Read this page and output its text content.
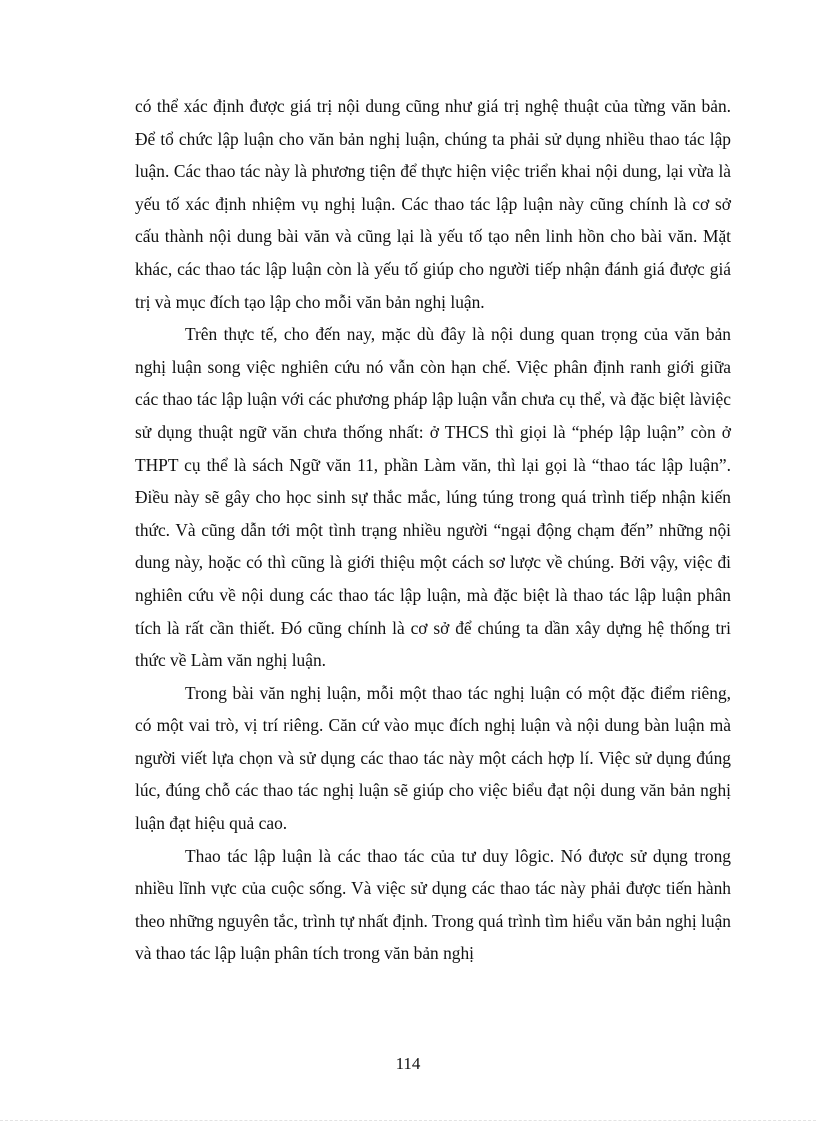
có thể xác định được giá trị nội dung cũng như giá trị nghệ thuật của từng văn bản. Để tổ chức lập luận cho văn bản nghị luận, chúng ta phải sử dụng nhiều thao tác lập luận. Các thao tác này là phương tiện để thực hiện việc triển khai nội dung, lại vừa là yếu tố xác định nhiệm vụ nghị luận. Các thao tác lập luận này cũng chính là cơ sở cấu thành nội dung bài văn và cũng lại là yếu tố tạo nên linh hồn cho bài văn. Mặt khác, các thao tác lập luận còn là yếu tố giúp cho người tiếp nhận đánh giá được giá trị và mục đích tạo lập cho mỗi văn bản nghị luận.

Trên thực tế, cho đến nay, mặc dù đây là nội dung quan trọng của văn bản nghị luận song việc nghiên cứu nó vẫn còn hạn chế. Việc phân định ranh giới giữa các thao tác lập luận với các phương pháp lập luận vẫn chưa cụ thể, và đặc biệt làviệc sử dụng thuật ngữ văn chưa thống nhất: ở THCS thì giọi là “phép lập luận” còn ở THPT cụ thể là sách Ngữ văn 11, phần Làm văn, thì lại gọi là “thao tác lập luận”. Điều này sẽ gây cho học sinh sự thắc mắc, lúng túng trong quá trình tiếp nhận kiến thức. Và cũng dẫn tới một tình trạng nhiều người “ngại động chạm đến” những nội dung này, hoặc có thì cũng là giới thiệu một cách sơ lược về chúng. Bởi vậy, việc đi nghiên cứu về nội dung các thao tác lập luận, mà đặc biệt là thao tác lập luận phân tích là rất cần thiết. Đó cũng chính là cơ sở để chúng ta dần xây dựng hệ thống tri thức về Làm văn nghị luận.

Trong bài văn nghị luận, mỗi một thao tác nghị luận có một đặc điểm riêng, có một vai trò, vị trí riêng. Căn cứ vào mục đích nghị luận và nội dung bàn luận mà người viết lựa chọn và sử dụng các thao tác này một cách hợp lí. Việc sử dụng đúng lúc, đúng chỗ các thao tác nghị luận sẽ giúp cho việc biểu đạt nội dung văn bản nghị luận đạt hiệu quả cao.

Thao tác lập luận là các thao tác của tư duy lôgic. Nó được sử dụng trong nhiều lĩnh vực của cuộc sống. Và việc sử dụng các thao tác này phải được tiến hành theo những nguyên tắc, trình tự nhất định. Trong quá trình tìm hiểu văn bản nghị luận và thao tác lập luận phân tích trong văn bản nghị

114
